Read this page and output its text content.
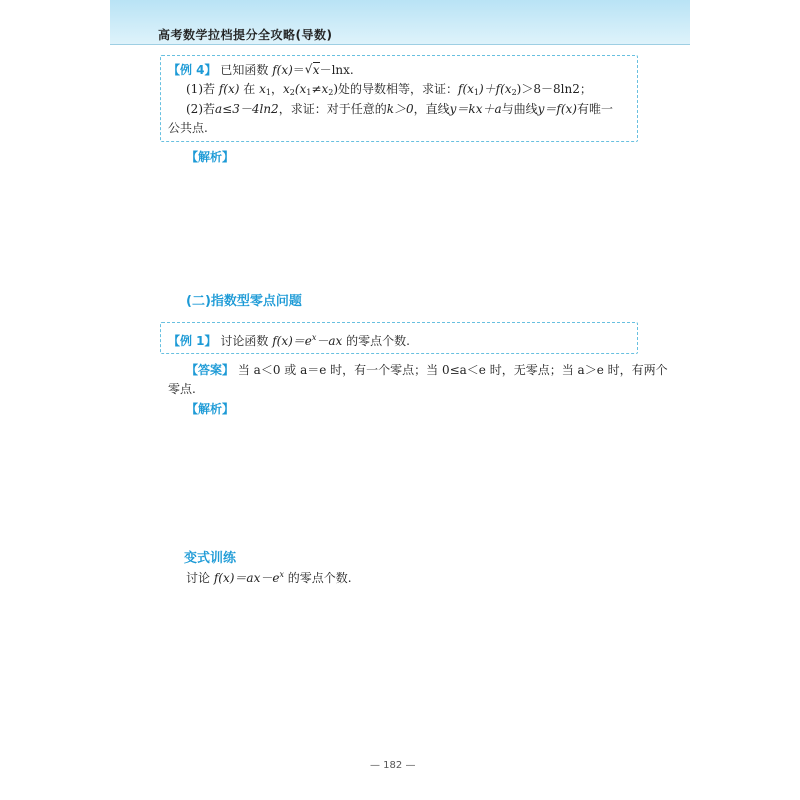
高考数学拉档提分全攻略(导数)
【例 4】 已知函数 f(x)＝√ x－lnx.
(1)若 f(x) 在 $x_1$，$x_2(x_1\ne x_2)$处的导数相等，求证：$f(x_1)+f(x_2)>8-8\ln 2$；
(2)若a≤3－4ln2，求证：对于任意的k＞0，直线y＝kx＋a与曲线y＝f(x)有唯一
公共点.
【解析】
(二)指数型零点问题
【例 1】 讨论函数 $f(x)=e^x-ax$ 的零点个数.
【答案】 当 a＜0 或 a＝e 时，有一个零点；当 0≤a＜e 时，无零点；当 a＞e 时，有两个
零点.
【解析】
变式训练
讨论 $f(x)=ax-e^x$ 的零点个数.
— 182 —
